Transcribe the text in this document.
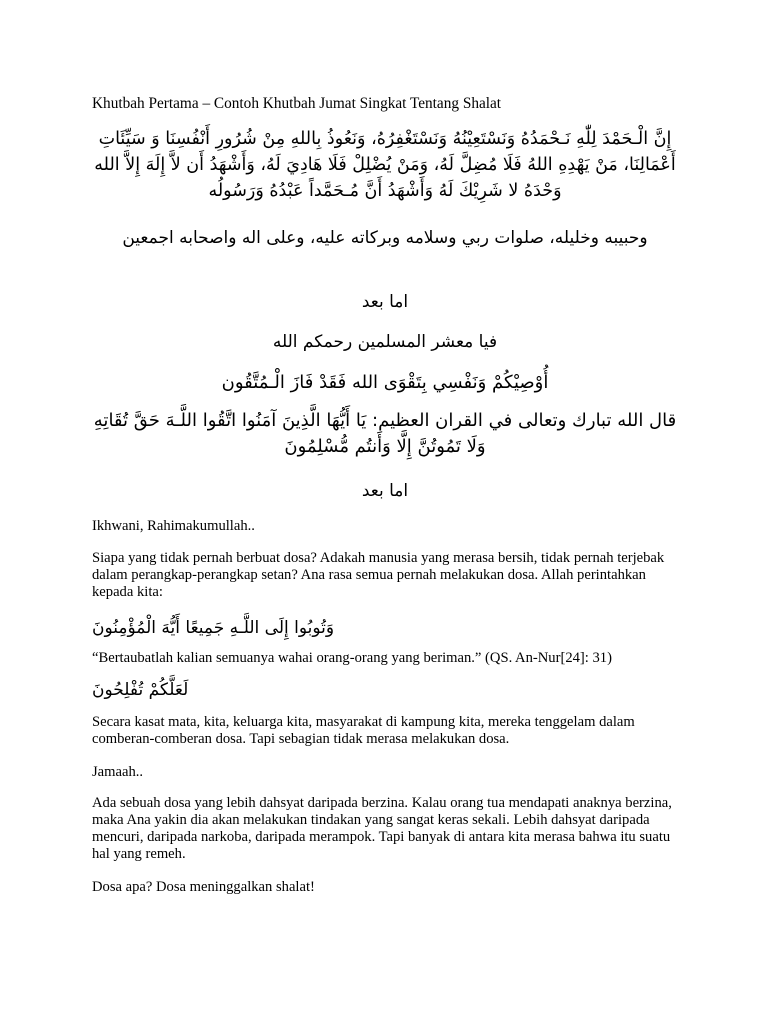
Khutbah Pertama – Contoh Khutbah Jumat Singkat Tentang Shalat

إِنَّ الْـحَمْدَ لِلّٰهِ نَـحْمَدُهُ وَنَسْتَعِيْنُهُ وَنَسْتَغْفِرُهُ، وَنَعُوذُ بِاللهِ مِنْ شُرُورِ أَنْفُسِنَا وَ سَيِّئَاتِ أَعْمَالِنَا، مَنْ يَهْدِهِ اللهُ فَلَا مُضِلَّ لَهُ، وَمَنْ يُضْلِلْ فَلَا هَادِيَ لَهُ، وَأَشْهَدُ أَن لاَّ إِلَهَ إِلاَّ الله وَحْدَهُ لا شَرِيْكَ لَهُ وَأَشْهَدُ أَنَّ مُـحَمَّداً عَبْدُهُ وَرَسُولُه

وحبيبه وخليله، صلوات ربي وسلامه وبركاته عليه، وعلى اله واصحابه اجمعين

اما بعد

فيا معشر المسلمين رحمكم الله

أُوْصِيْكُمْ وَنَفْسِي بِتَقْوَى الله فَقَدْ فَازَ الْـمُتَّقُون

قال الله تبارك وتعالى في القران العظيم: يَا أَيُّهَا الَّذِينَ آمَنُوا اتَّقُوا اللَّـهَ حَقَّ تُقَاتِهِ وَلَا تَمُوتُنَّ إِلَّا وَأَنتُم مُّسْلِمُونَ

اما بعد

Ikhwani, Rahimakumullah..

Siapa yang tidak pernah berbuat dosa? Adakah manusia yang merasa bersih, tidak pernah terjebak dalam perangkap-perangkap setan? Ana rasa semua pernah melakukan dosa. Allah perintahkan kepada kita:

وَتُوبُوا إِلَى اللَّـهِ جَمِيعًا أَيُّهَ الْمُؤْمِنُونَ

“Bertaubatlah kalian semuanya wahai orang-orang yang beriman.” (QS. An-Nur[24]: 31)

لَعَلَّكُمْ تُفْلِحُونَ

Secara kasat mata, kita, keluarga kita, masyarakat di kampung kita, mereka tenggelam dalam comberan-comberan dosa. Tapi sebagian tidak merasa melakukan dosa.

Jamaah..

Ada sebuah dosa yang lebih dahsyat daripada berzina. Kalau orang tua mendapati anaknya berzina, maka Ana yakin dia akan melakukan tindakan yang sangat keras sekali. Lebih dahsyat daripada mencuri, daripada narkoba, daripada merampok. Tapi banyak di antara kita merasa bahwa itu suatu hal yang remeh.

Dosa apa? Dosa meninggalkan shalat!
